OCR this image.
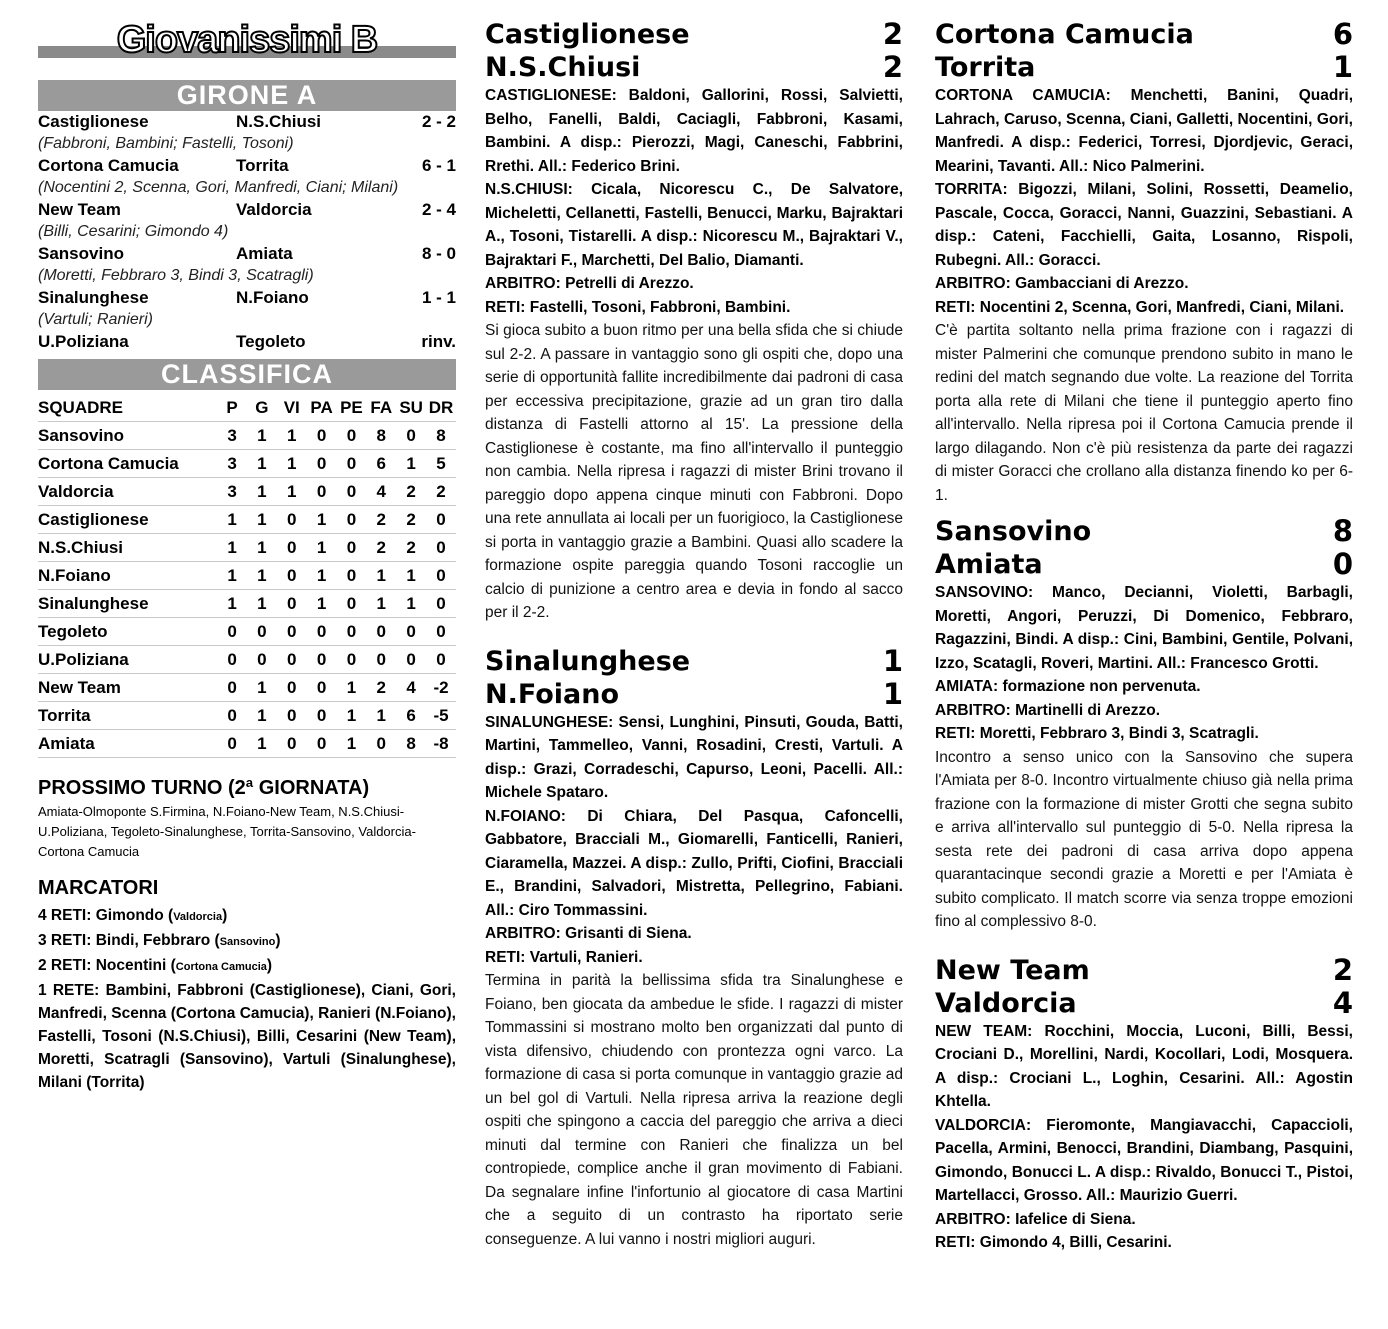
Giovanissimi B
GIRONE A
Castiglionese	N.S.Chiusi	2 - 2
(Fabbroni, Bambini; Fastelli, Tosoni)
Cortona Camucia	Torrita	6 - 1
(Nocentini 2, Scenna, Gori, Manfredi, Ciani; Milani)
New Team	Valdorcia	2 - 4
(Billi, Cesarini; Gimondo 4)
Sansovino	Amiata	8 - 0
(Moretti, Febbraro 3, Bindi 3, Scatragli)
Sinalunghese	N.Foiano	1 - 1
(Vartuli; Ranieri)
U.Poliziana	Tegoleto	rinv.
CLASSIFICA
SQUADRE	P	G	VI	PA	PE	FA	SU	DR
Sansovino	3	1	1	0	0	8	0	8
Cortona Camucia	3	1	1	0	0	6	1	5
Valdorcia	3	1	1	0	0	4	2	2
Castiglionese	1	1	0	1	0	2	2	0
N.S.Chiusi	1	1	0	1	0	2	2	0
N.Foiano	1	1	0	1	0	1	1	0
Sinalunghese	1	1	0	1	0	1	1	0
Tegoleto	0	0	0	0	0	0	0	0
U.Poliziana	0	0	0	0	0	0	0	0
New Team	0	1	0	0	1	2	4	-2
Torrita	0	1	0	0	1	1	6	-5
Amiata	0	1	0	0	1	0	8	-8
PROSSIMO TURNO (2ª GIORNATA)
Amiata-Olmoponte S.Firmina, N.Foiano-New Team, N.S.Chiusi-U.Poliziana, Tegoleto-Sinalunghese, Torrita-Sansovino, Valdorcia-Cortona Camucia
MARCATORI
4 RETI: Gimondo (Valdorcia)
3 RETI: Bindi, Febbraro (Sansovino)
2 RETI: Nocentini (Cortona Camucia)
1 RETE: Bambini, Fabbroni (Castiglionese), Ciani, Gori, Manfredi, Scenna (Cortona Camucia), Ranieri (N.Foiano), Fastelli, Tosoni (N.S.Chiusi), Billi, Cesarini (New Team), Moretti, Scatragli (Sansovino), Vartuli (Sinalunghese), Milani (Torrita)
Castiglionese	2
N.S.Chiusi	2
CASTIGLIONESE: Baldoni, Gallorini, Rossi, Salvietti, Belho, Fanelli, Baldi, Caciagli, Fabbroni, Kasami, Bambini. A disp.: Pierozzi, Magi, Caneschi, Fabbrini, Rrethi. All.: Federico Brini.
N.S.CHIUSI: Cicala, Nicorescu C., De Salvatore, Micheletti, Cellanetti, Fastelli, Benucci, Marku, Bajraktari A., Tosoni, Tistarelli. A disp.: Nicorescu M., Bajraktari V., Bajraktari F., Marchetti, Del Balio, Diamanti.
ARBITRO: Petrelli di Arezzo.
RETI: Fastelli, Tosoni, Fabbroni, Bambini.
Si gioca subito a buon ritmo per una bella sfida che si chiude sul 2-2. A passare in vantaggio sono gli ospiti che, dopo una serie di opportunità fallite incredibilmente dai padroni di casa per eccessiva precipitazione, grazie ad un gran tiro dalla distanza di Fastelli attorno al 15'. La pressione della Castiglionese è costante, ma fino all'intervallo il punteggio non cambia. Nella ripresa i ragazzi di mister Brini trovano il pareggio dopo appena cinque minuti con Fabbroni. Dopo una rete annullata ai locali per un fuorigioco, la Castiglionese si porta in vantaggio grazie a Bambini. Quasi allo scadere la formazione ospite pareggia quando Tosoni raccoglie un calcio di punizione a centro area e devia in fondo al sacco per il 2-2.
Sinalunghese	1
N.Foiano	1
SINALUNGHESE: Sensi, Lunghini, Pinsuti, Gouda, Batti, Martini, Tammelleo, Vanni, Rosadini, Cresti, Vartuli. A disp.: Grazi, Corradeschi, Capurso, Leoni, Pacelli. All.: Michele Spataro.
N.FOIANO: Di Chiara, Del Pasqua, Cafoncelli, Gabbatore, Bracciali M., Giomarelli, Fanticelli, Ranieri, Ciaramella, Mazzei. A disp.: Zullo, Prifti, Ciofini, Bracciali E., Brandini, Salvadori, Mistretta, Pellegrino, Fabiani. All.: Ciro Tommassini.
ARBITRO: Grisanti di Siena.
RETI: Vartuli, Ranieri.
Termina in parità la bellissima sfida tra Sinalunghese e Foiano, ben giocata da ambedue le sfide. I ragazzi di mister Tommassini si mostrano molto ben organizzati dal punto di vista difensivo, chiudendo con prontezza ogni varco. La formazione di casa si porta comunque in vantaggio grazie ad un bel gol di Vartuli. Nella ripresa arriva la reazione degli ospiti che spingono a caccia del pareggio che arriva a dieci minuti dal termine con Ranieri che finalizza un bel contropiede, complice anche il gran movimento di Fabiani. Da segnalare infine l'infortunio al giocatore di casa Martini che a seguito di un contrasto ha riportato serie conseguenze. A lui vanno i nostri migliori auguri.
Cortona Camucia	6
Torrita	1
CORTONA CAMUCIA: Menchetti, Banini, Quadri, Lahrach, Caruso, Scenna, Ciani, Galletti, Nocentini, Gori, Manfredi. A disp.: Federici, Torresi, Djordjevic, Geraci, Mearini, Tavanti. All.: Nico Palmerini.
TORRITA: Bigozzi, Milani, Solini, Rossetti, Deamelio, Pascale, Cocca, Goracci, Nanni, Guazzini, Sebastiani. A disp.: Cateni, Facchielli, Gaita, Losanno, Rispoli, Rubegni. All.: Goracci.
ARBITRO: Gambacciani di Arezzo.
RETI: Nocentini 2, Scenna, Gori, Manfredi, Ciani, Milani.
C'è partita soltanto nella prima frazione con i ragazzi di mister Palmerini che comunque prendono subito in mano le redini del match segnando due volte. La reazione del Torrita porta alla rete di Milani che tiene il punteggio aperto fino all'intervallo. Nella ripresa poi il Cortona Camucia prende il largo dilagando. Non c'è più resistenza da parte dei ragazzi di mister Goracci che crollano alla distanza finendo ko per 6-1.
Sansovino	8
Amiata	0
SANSOVINO: Manco, Decianni, Violetti, Barbagli, Moretti, Angori, Peruzzi, Di Domenico, Febbraro, Ragazzini, Bindi. A disp.: Cini, Bambini, Gentile, Polvani, Izzo, Scatagli, Roveri, Martini. All.: Francesco Grotti.
AMIATA: formazione non pervenuta.
ARBITRO: Martinelli di Arezzo.
RETI: Moretti, Febbraro 3, Bindi 3, Scatragli.
Incontro a senso unico con la Sansovino che supera l'Amiata per 8-0. Incontro virtualmente chiuso già nella prima frazione con la formazione di mister Grotti che segna subito e arriva all'intervallo sul punteggio di 5-0. Nella ripresa la sesta rete dei padroni di casa arriva dopo appena quarantacinque secondi grazie a Moretti e per l'Amiata è subito complicato. Il match scorre via senza troppe emozioni fino al complessivo 8-0.
New Team	2
Valdorcia	4
NEW TEAM: Rocchini, Moccia, Luconi, Billi, Bessi, Crociani D., Morellini, Nardi, Kocollari, Lodi, Mosquera. A disp.: Crociani L., Loghin, Cesarini. All.: Agostin Khtella.
VALDORCIA: Fieromonte, Mangiavacchi, Capaccioli, Pacella, Armini, Benocci, Brandini, Diambang, Pasquini, Gimondo, Bonucci L. A disp.: Rivaldo, Bonucci T., Pistoi, Martellacci, Grosso. All.: Maurizio Guerri.
ARBITRO: Iafelice di Siena.
RETI: Gimondo 4, Billi, Cesarini.
